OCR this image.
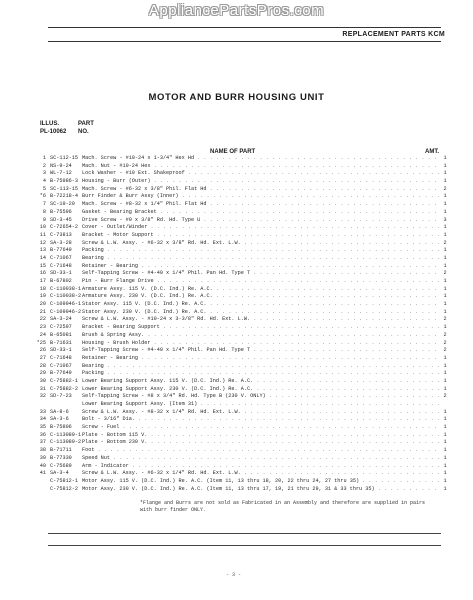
AppliancePartsPros.com
REPLACEMENT PARTS KCM
MOTOR AND BURR HOUSING UNIT
ILLUS.
PL-10062
PART
NO.
NAME OF PART	AMT.
1 SC-112-15 Mach. Screw - #10-24 x 1-3/4" Hex Hd . . .	1
2 NS-9-24	Mach. Nut - #10-24 Hex . . .	1
3 WL-7-12	Lock Washer - #10 Ext. Shakeproof . . .	1
4 B-75986-3 Housing - Burr (Outer) . . .	1
5 SC-113-15 Mach. Screw - #6-32 x 3/8" Phil. Flat Hd . . .	2
*6 B-72218-4 Burr Finder & Burr Assy (Inner) . . .	1
7 SC-19-20	Mach. Screw - #8-32 x 1/4" Phil. Flat Hd . . .	1
8 B-75596	Gasket - Bearing Bracket . . .	1
9 SD-3-45	Drive Screw - #0 x 3/8" Rd. Hd. Type U . . .	3
10 C-72654-2 Cover - Outlet/Winder . . .	1
11 C-73813	Bracket - Motor Support . . .	1
12 SA-3-28	Screw & L.W. Assy. - #6-32 x 3/8" Rd. Hd. Ext. L.W. . . .	2
13 B-77649	Packing . . .	1
14 C-71067	Bearing . . .	1
15 C-71648	Retainer - Bearing . . .	1
16 SD-33-1	Self-Tapping Screw - #4-40 x 1/4" Phil. Pan Hd. Type T . . .	2
17 B-67802	Pin - Burr Flange Drive . . .	1
18 C-110038-1 Armature Assy. 115 V. (D.C. Ind.) Re. A.C. . . .	1
19 C-110038-2 Armature Assy. 230 V. (D.C. Ind.) Re. A.C. . . .	1
20 C-109946-1 Stator Assy. 115 V. (D.C. Ind.) Re. A.C. . . .	1
21 C-109946-2 Stator Assy. 230 V. (D.C. Ind.) Re. A.C. . . .	1
22 SA-3-24	Screw & L.W. Assy. - #10-24 x 3-3/8" Rd. Hd. Ext. L.W. . . .	2
23 C-72597	Bracket - Bearing Support . . .	1
24 B-65081	Brush & Spring Assy. . . .	2
*25 B-71631	Housing - Brush Holder . . .	2
26 SD-33-1	Self-Tapping Screw - #4-40 x 1/4" Phil. Pan Hd. Type T . . .	2
27 C-71648	Retainer - Bearing . . .	1
28 C-71067	Bearing . . .	1
29 B-77649	Packing . . .	1
30 C-75882-1 Lower Bearing Support Assy. 115 V. (D.C. Ind.) Re. A.C. . . .	1
31 C-75882-2 Lower Bearing Support Assy. 230 V. (D.C. Ind.) Re. A.C. . . .	1
32 SD-7-23	Self-Tapping Screw - #8 x 3/4" Rd. Hd. Type B (230 V. ONLY) . . .	2
Lower Bearing Support Assy. (Item 31) . . .
33 SA-8-6	Screw & L.W. Assy. - #8-32 x 1/4" Rd. Hd. Ext. L.W. . . .	1
34 SA-3-6	Bolt - 3/16" Dia. . . .	1
35 B-75806	Screw - Fuel . . .	1
36 C-113089-1 Plate - Bottom 115 V. . . .	1
37 C-113089-2 Plate - Bottom 230 V. . . .	1
38 B-71711	Foot . . .	1
39 B-77330	Speed Nut . . .	1
40 C-75689	Arm - Indicator . . .	1
41 SA-3-4	Screw & L.W. Assy. - #6-32 x 1/4" Rd. Hd. Ext. L.W. . . .	1
C-75812-1 Motor Assy. 115 V. (D.C. Ind.) Re. A.C. (Item 11, 13 thru 18, 20, 22 thru 24, 27 thru 35) . . .	1
C-75812-2 Motor Assy. 230 V. (D.C. Ind.) Re. A.C. (Item 11, 13 thru 17, 19, 21 thru 29, 31 & 33 thru 35) . . .	1
*Flange and Burrs are not sold as Fabricated in an Assembly and therefore are supplied in pairs with burr finder ONLY.
- 3 -
